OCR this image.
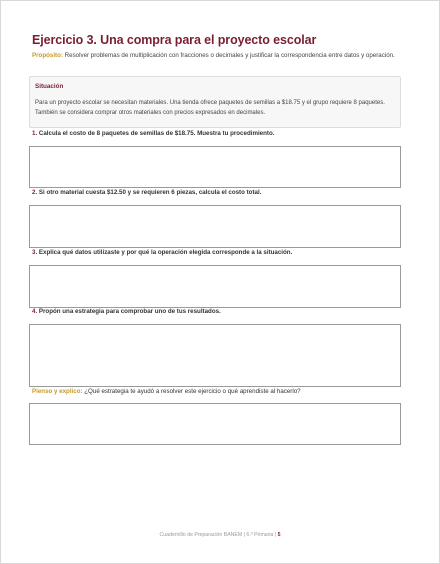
Ejercicio 3. Una compra para el proyecto escolar
Propósito: Resolver problemas de multiplicación con fracciones o decimales y justificar la correspondencia entre datos y operación.
Situación
Para un proyecto escolar se necesitan materiales. Una tienda ofrece paquetes de semillas a $18.75 y el grupo requiere 8 paquetes. También se considera comprar otros materiales con precios expresados en decimales.
1. Calcula el costo de 8 paquetes de semillas de $18.75. Muestra tu procedimiento.
2. Si otro material cuesta $12.50 y se requieren 6 piezas, calcula el costo total.
3. Explica qué datos utilizaste y por qué la operación elegida corresponde a la situación.
4. Propón una estrategia para comprobar uno de tus resultados.
Pienso y explico: ¿Qué estrategia te ayudó a resolver este ejercicio o qué aprendiste al hacerlo?
Cuadernillo de Preparación BANEM | 6.º Primaria | 5
